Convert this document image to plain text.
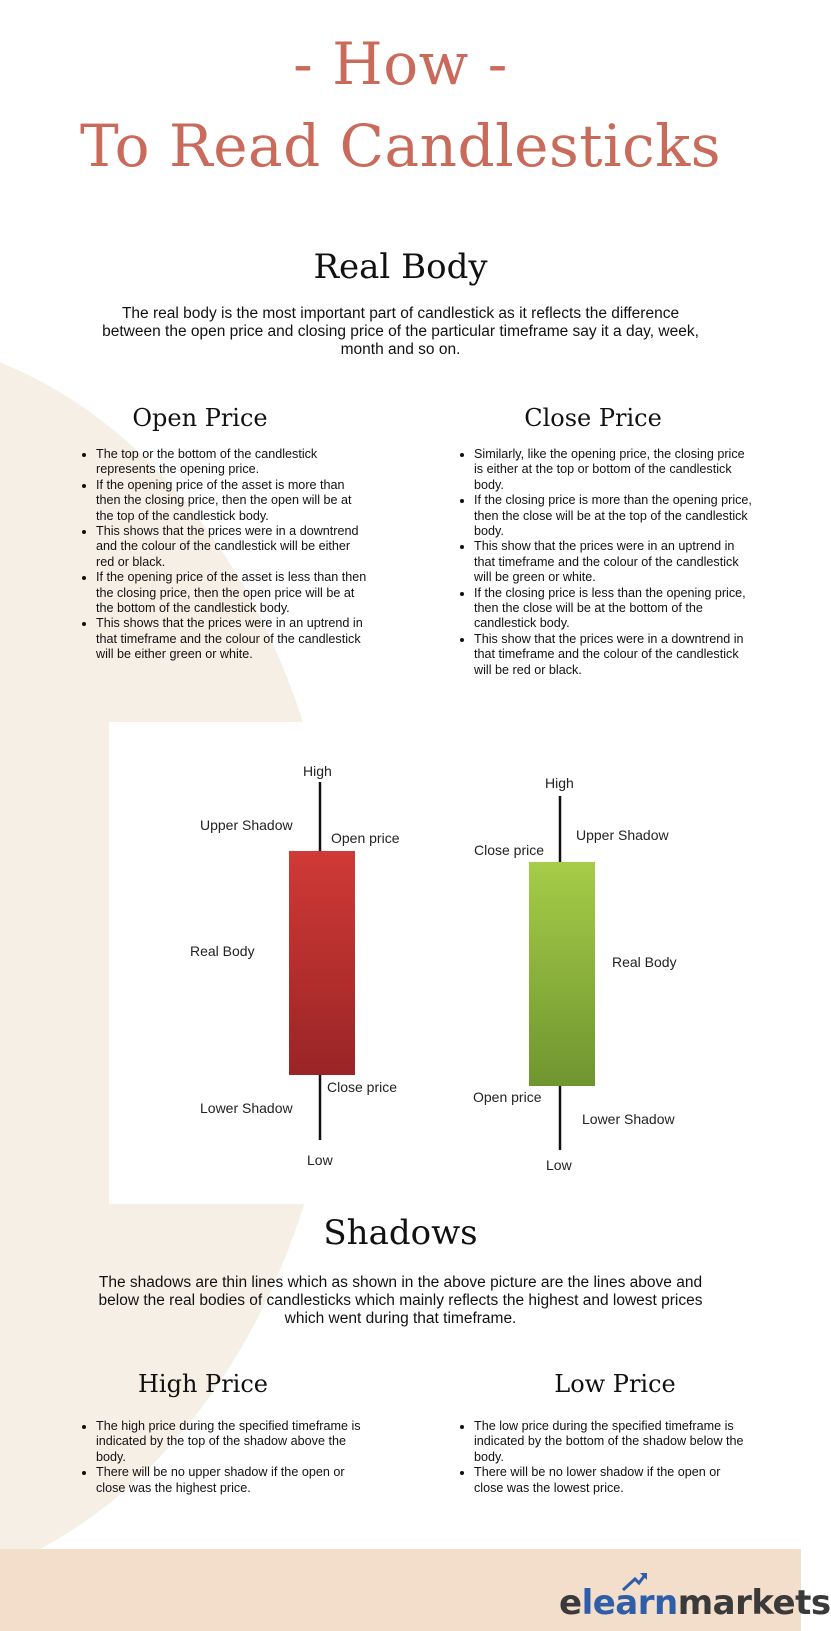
- How -
To Read Candlesticks
Real Body
The real body is the most important part of candlestick as it reflects the difference between the open price and closing price of the particular timeframe say it a day, week, month and so on.
Open Price
• The top or the bottom of the candlestick represents the opening price.
• If the opening price of the asset is more than then the closing price, then the open will be at the top of the candlestick body.
• This shows that the prices were in a downtrend and the colour of the candlestick will be either red or black.
• If the opening price of the asset is less than then the closing price, then the open price will be at the bottom of the candlestick body.
• This shows that the prices were in an uptrend in that timeframe and the colour of the candlestick will be either green or white.
Close Price
• Similarly, like the opening price, the closing price is either at the top or bottom of the candlestick body.
• If the closing price is more than the opening price, then the close will be at the top of the candlestick body.
• This show that the prices were in an uptrend in that timeframe and the colour of the candlestick will be green or white.
• If the closing price is less than the opening price, then the close will be at the bottom of the candlestick body.
• This show that the prices were in a downtrend in that timeframe and the colour of the candlestick will be red or black.
High
Upper Shadow
Open price
Real Body
Close price
Lower Shadow
Low
High
Close price
Upper Shadow
Real Body
Open price
Lower Shadow
Low
Shadows
The shadows are thin lines which as shown in the above picture are the lines above and below the real bodies of candlesticks which mainly reflects the highest and lowest prices which went during that timeframe.
High Price
• The high price during the specified timeframe is indicated by the top of the shadow above the body.
• There will be no upper shadow if the open or close was the highest price.
Low Price
• The low price during the specified timeframe is indicated by the bottom of the shadow below the body.
• There will be no lower shadow if the open or close was the lowest price.
elearnmarkets
